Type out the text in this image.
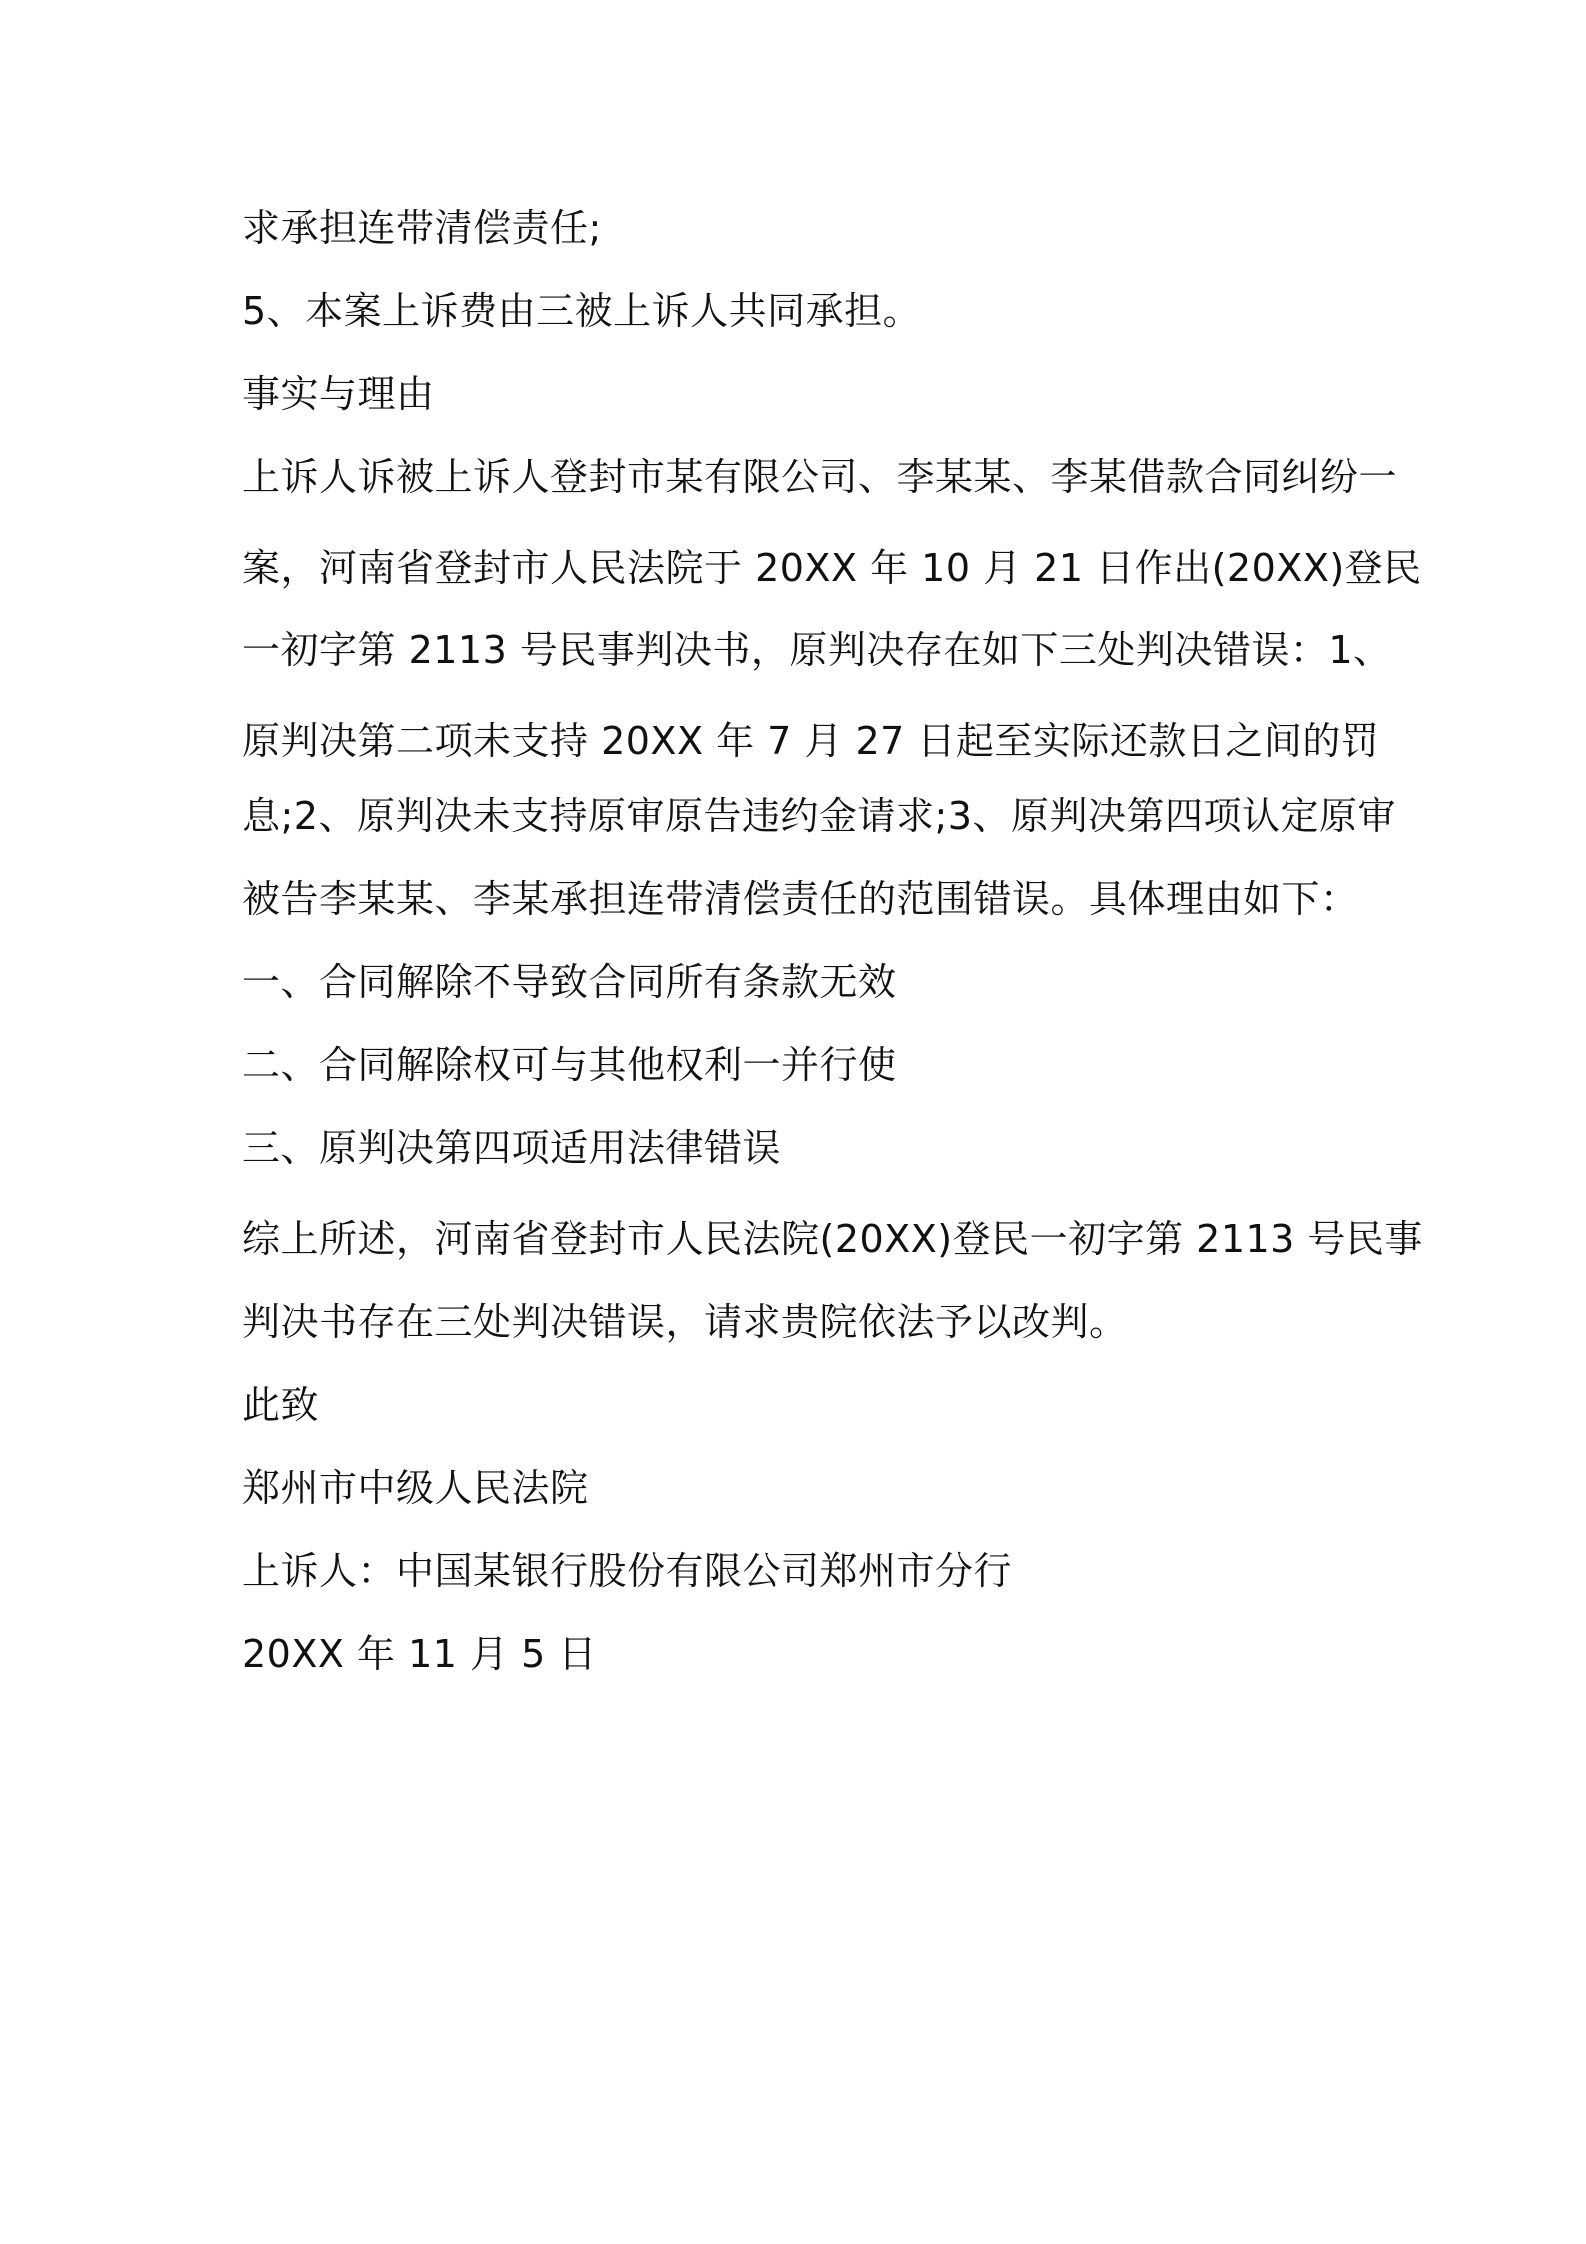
求承担连带清偿责任;
5、本案上诉费由三被上诉人共同承担。
事实与理由
上诉人诉被上诉人登封市某有限公司、李某某、李某借款合同纠纷一
案，河南省登封市人民法院于 20XX 年 10 月 21 日作出(20XX)登民
一初字第 2113 号民事判决书，原判决存在如下三处判决错误：1、
原判决第二项未支持 20XX 年 7 月 27 日起至实际还款日之间的罚
息;2、原判决未支持原审原告违约金请求;3、原判决第四项认定原审
被告李某某、李某承担连带清偿责任的范围错误。具体理由如下：
一、合同解除不导致合同所有条款无效
二、合同解除权可与其他权利一并行使
三、原判决第四项适用法律错误
综上所述，河南省登封市人民法院(20XX)登民一初字第 2113 号民事
判决书存在三处判决错误，请求贵院依法予以改判。
此致
郑州市中级人民法院
上诉人：中国某银行股份有限公司郑州市分行
20XX 年 11 月 5 日
